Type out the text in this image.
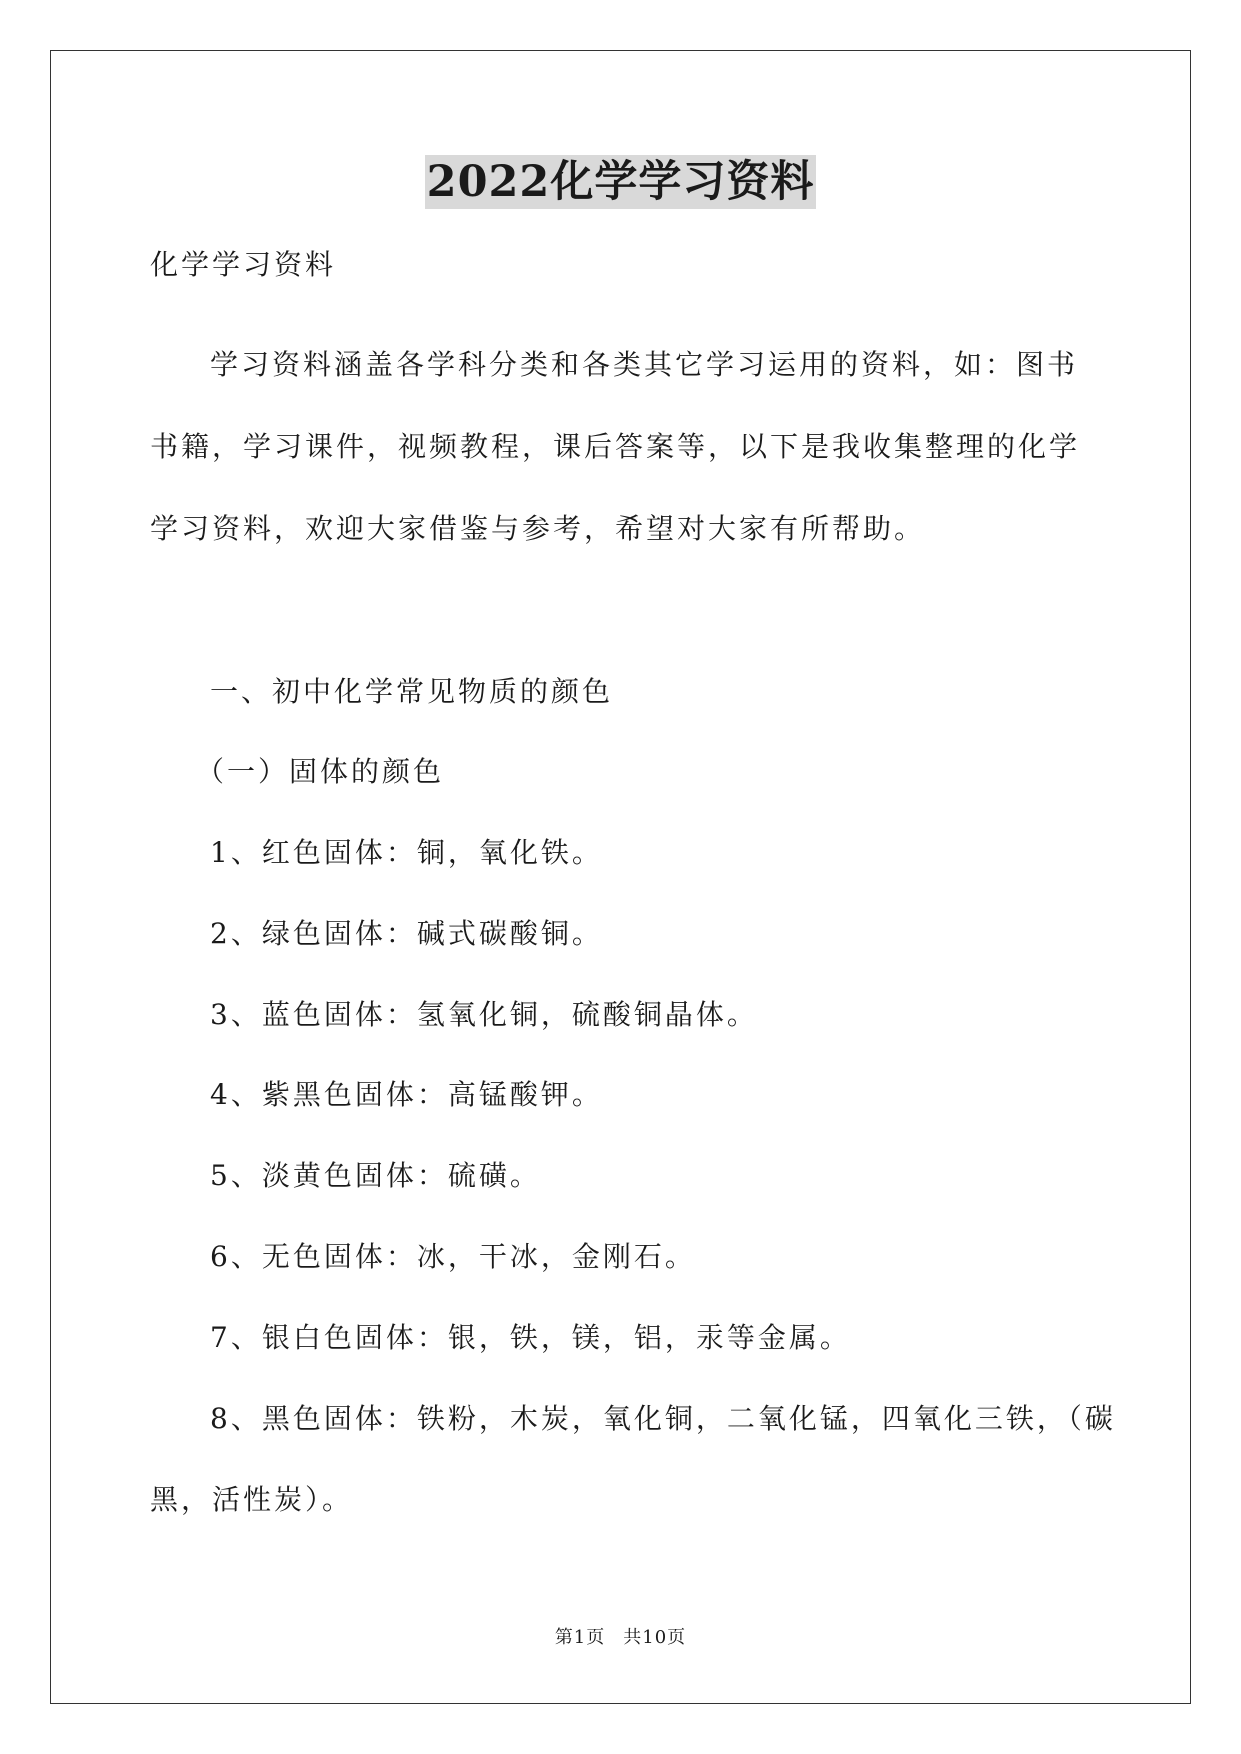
2022化学学习资料
化学学习资料
学习资料涵盖各学科分类和各类其它学习运用的资料，如：图书
书籍，学习课件，视频教程，课后答案等，以下是我收集整理的化学
学习资料，欢迎大家借鉴与参考，希望对大家有所帮助。
一、初中化学常见物质的颜色
（一）固体的颜色
1、红色固体：铜，氧化铁。
2、绿色固体：碱式碳酸铜。
3、蓝色固体：氢氧化铜，硫酸铜晶体。
4、紫黑色固体：高锰酸钾。
5、淡黄色固体：硫磺。
6、无色固体：冰，干冰，金刚石。
7、银白色固体：银，铁，镁，铝，汞等金属。
8、黑色固体：铁粉，木炭，氧化铜，二氧化锰，四氧化三铁，（碳
黑，活性炭）。
第1页 共10页
